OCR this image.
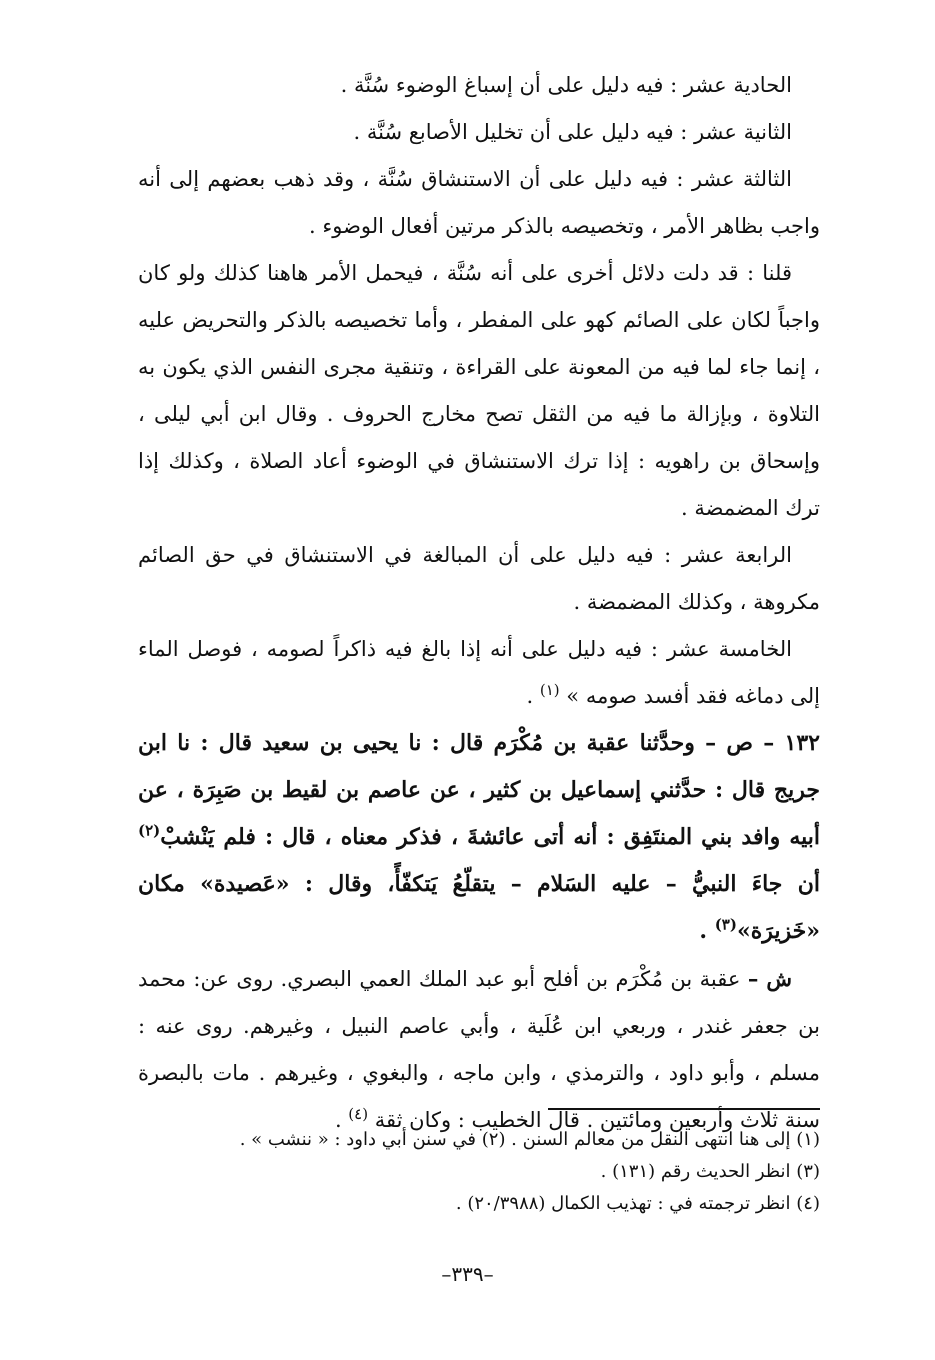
الحادية عشر : فيه دليل على أن إسباغ الوضوء سُنَّة .

الثانية عشر : فيه دليل على أن تخليل الأصابع سُنَّة .

الثالثة عشر : فيه دليل على أن الاستنشاق سُنَّة ، وقد ذهب بعضهم إلى أنه واجب بظاهر الأمر ، وتخصيصه بالذكر مرتين أفعال الوضوء .

قلنا : قد دلت دلائل أخرى على أنه سُنَّة ، فيحمل الأمر هاهنا كذلك ولو كان واجباً لكان على الصائم كهو على المفطر ، وأما تخصيصه بالذكر والتحريض عليه ، إنما جاء لما فيه من المعونة على القراءة ، وتنقية مجرى النفس الذي يكون به التلاوة ، وبإزالة ما فيه من الثقل تصح مخارج الحروف . وقال ابن أبي ليلى ، وإسحاق بن راهويه : إذا ترك الاستنشاق في الوضوء أعاد الصلاة ، وكذلك إذا ترك المضمضة .

الرابعة عشر : فيه دليل على أن المبالغة في الاستنشاق في حق الصائم مكروهة ، وكذلك المضمضة .

الخامسة عشر : فيه دليل على أنه إذا بالغ فيه ذاكراً لصومه ، فوصل الماء إلى دماغه فقد أفسد صومه » $^{(١)}$ .

١٣٢ – ص – وحدَّثنا عقبة بن مُكْرَم قال : نا يحيى بن سعيد قال : نا ابن جريج قال : حدَّثني إسماعيل بن كثير ، عن عاصم بن لقيط بن صَبِرَة ، عن أبيه وافد بني المنتَفِق : أنه أتى عائشةَ ، فذكر معناه ، قال : فلم يَنْشبْ$^{(٢)}$ أن جاءَ النبيُّ – عليه السَلام – يتقلّعُ يَتكفّأً، وقال : «عَصيدة» مكان «خَزيرَة»$^{(٣)}$ .

ش – عقبة بن مُكْرَم بن أفلح أبو عبد الملك العمي البصري. روى عن: محمد بن جعفر غندر ، وربعي ابن عُلَية ، وأبي عاصم النبيل ، وغيرهم. روى عنه : مسلم ، وأبو داود ، والترمذي ، وابن ماجه ، والبغوي ، وغيرهم . مات بالبصرة سنة ثلاث وأربعين ومائتين . قال الخطيب : وكان ثقة $^{(٤)}$ .

(١) إلى هنا انتهى النقل من معالم السنن . (٢) في سنن أبي داود : « ننشب » .

(٣) انظر الحديث رقم (١٣١) .

(٤) انظر ترجمته في : تهذيب الكمال (٢٠/٣٩٨٨) .

–٣٣٩–
